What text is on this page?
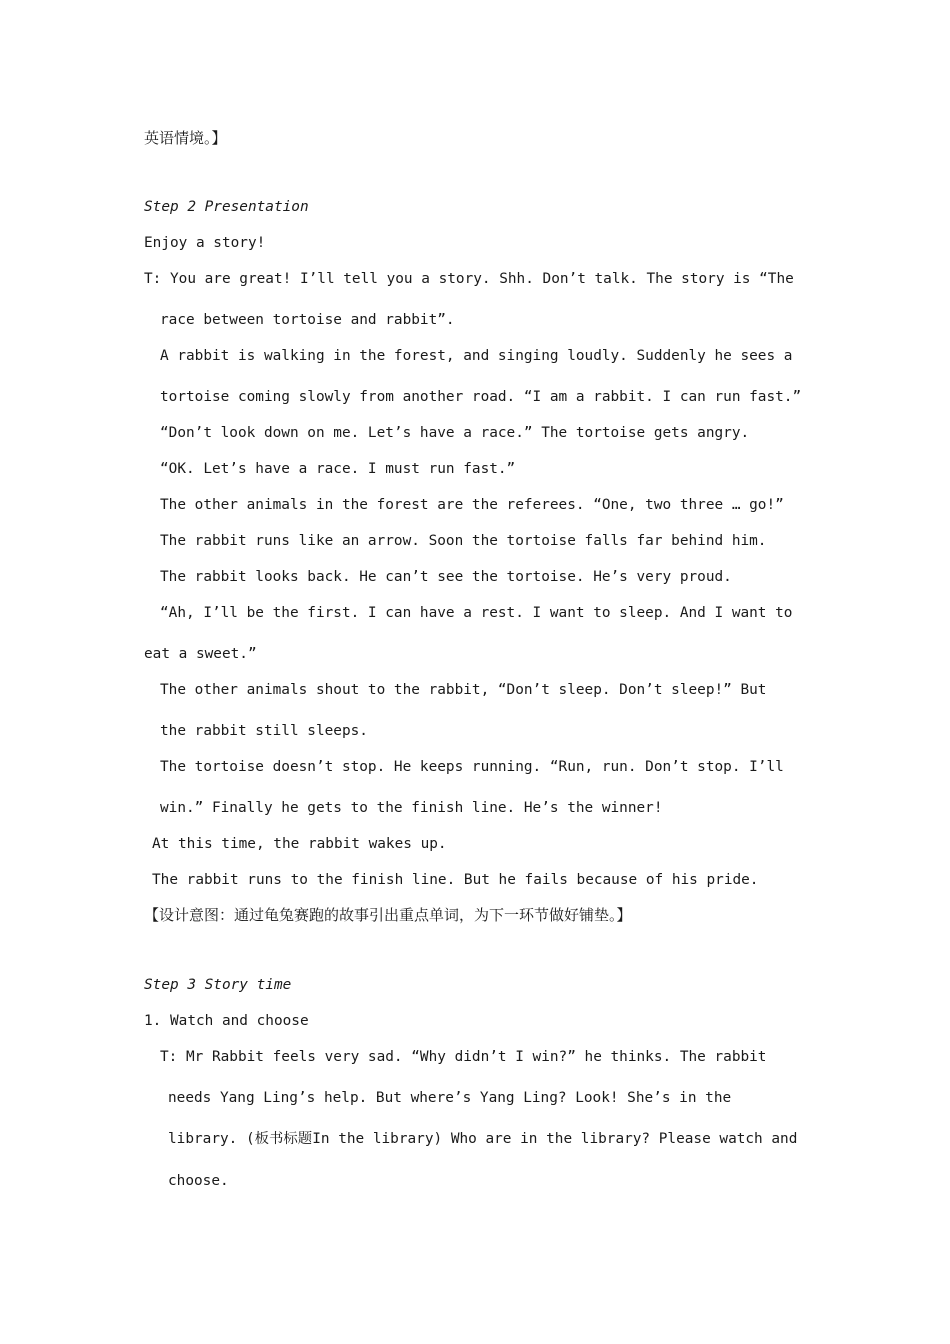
英语情境。】
Step 2 Presentation
Enjoy a story!
T: You are great! I’ll tell you a story. Shh. Don’t talk. The story is “The
race between tortoise and rabbit”.
A rabbit is walking in the forest, and singing loudly. Suddenly he sees a
tortoise coming slowly from another road. “I am a rabbit. I can run fast.”
“Don’t look down on me. Let’s have a race.” The tortoise gets angry.
“OK. Let’s have a race. I must run fast.”
The other animals in the forest are the referees. “One, two three … go!”
The rabbit runs like an arrow. Soon the tortoise falls far behind him.
The rabbit looks back. He can’t see the tortoise. He’s very proud.
“Ah, I’ll be the first. I can have a rest. I want to sleep. And I want to
eat a sweet.”
The other animals shout to the rabbit, “Don’t sleep. Don’t sleep!” But
the rabbit still sleeps.
The tortoise doesn’t stop. He keeps running. “Run, run. Don’t stop. I’ll
win.” Finally he gets to the finish line. He’s the winner!
At this time, the rabbit wakes up.
The rabbit runs to the finish line. But he fails because of his pride.
【设计意图：通过龟兔赛跑的故事引出重点单词，为下一环节做好铺垫。】
Step 3 Story time
1. Watch and choose
T: Mr Rabbit feels very sad. “Why didn’t I win?” he thinks. The rabbit
needs Yang Ling’s help. But where’s Yang Ling? Look! She’s in the
library. (板书标题In the library) Who are in the library? Please watch and
choose.
